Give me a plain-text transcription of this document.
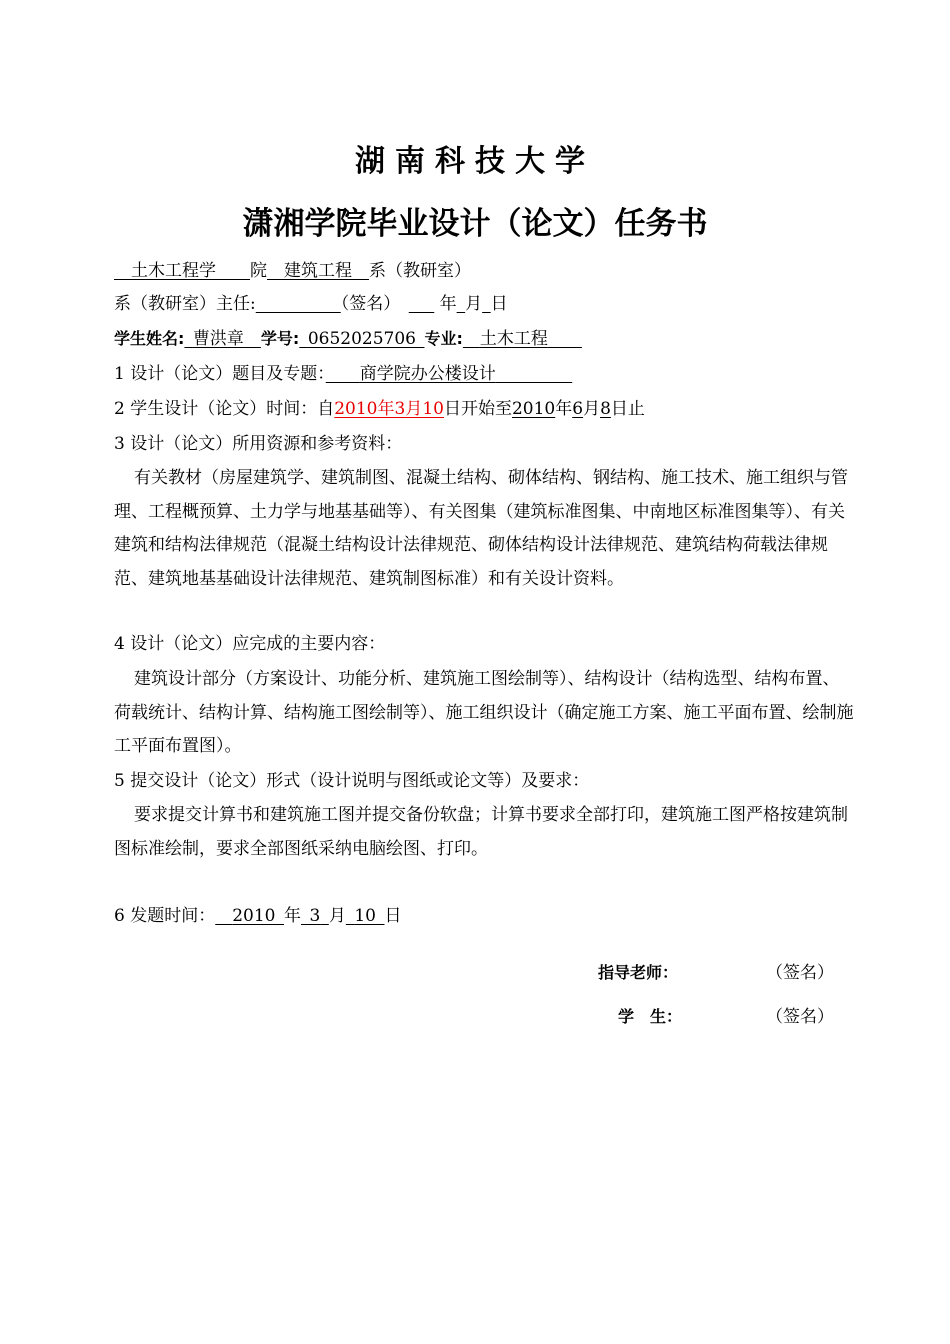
湖南科技大学
潇湘学院毕业设计（论文）任务书
　土木工程学　　 院　 建筑工程　 系（教研室）
系（教研室）主任:　　　　　	（签名）　　 	年  月  日
学生姓名:  曹洪章　 学号:  0652025706  专业:   土木工程　　
1 设计（论文）题目及专题：　　 商学院办公楼设计　　　　 
2 学生设计（论文）时间：自2010年3月10日开始至2010年6月8日止
3 设计（论文）所用资源和参考资料：
有关教材（房屋建筑学、建筑制图、混凝土结构、砌体结构、钢结构、施工技术、施工组织与管理、工程概预算、土力学与地基基础等）、有关图集（建筑标准图集、中南地区标准图集等）、有关建筑和结构法律规范（混凝土结构设计法律规范、砌体结构设计法律规范、建筑结构荷载法律规范、建筑地基基础设计法律规范、建筑制图标准）和有关设计资料。
4 设计（论文）应完成的主要内容：
建筑设计部分（方案设计、功能分析、建筑施工图绘制等）、结构设计（结构选型、结构布置、荷载统计、结构计算、结构施工图绘制等）、施工组织设计（确定施工方案、施工平面布置、绘制施工平面布置图）。
5 提交设计（论文）形式（设计说明与图纸或论文等）及要求：
要求提交计算书和建筑施工图并提交备份软盘；计算书要求全部打印，建筑施工图严格按建筑制图标准绘制，要求全部图纸采纳电脑绘图、打印。
6 发题时间：   2010  年  3  月  10  日
指导老师：	（签名）
学　生：	（签名）
